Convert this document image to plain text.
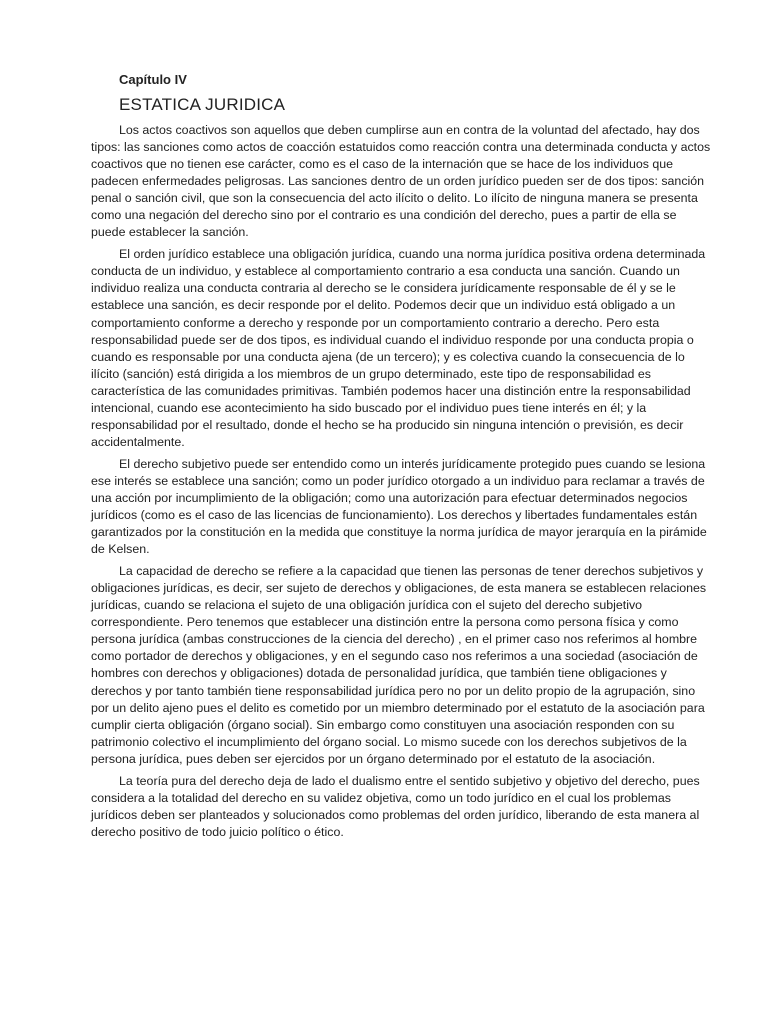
Capítulo IV
ESTATICA JURIDICA

Los actos coactivos son aquellos que deben cumplirse aun en contra de la voluntad del afectado, hay dos tipos: las sanciones como actos de coacción estatuidos como reacción contra una determinada conducta y actos coactivos que no tienen ese carácter, como es el caso de la internación que se hace de los individuos que padecen enfermedades peligrosas. Las sanciones dentro de un orden jurídico pueden ser de dos tipos: sanción penal o sanción civil, que son la consecuencia del acto ilícito o delito. Lo ilícito de ninguna manera se presenta como una negación del derecho sino por el contrario es una condición del derecho, pues a partir de ella se puede establecer la sanción.

El orden jurídico establece una obligación jurídica, cuando una norma jurídica positiva ordena determinada conducta de un individuo, y establece al comportamiento contrario a esa conducta una sanción. Cuando un individuo realiza una conducta contraria al derecho se le considera jurídicamente responsable de él y se le establece una sanción, es decir responde por el delito. Podemos decir que un individuo está obligado a un comportamiento conforme a derecho y responde por un comportamiento contrario a derecho. Pero esta responsabilidad puede ser de dos tipos, es individual cuando el individuo responde por una conducta propia o cuando es responsable por una conducta ajena (de un tercero); y es colectiva cuando la consecuencia de lo ilícito (sanción) está dirigida a los miembros de un grupo determinado, este tipo de responsabilidad es característica de las comunidades primitivas. También podemos hacer una distinción entre la responsabilidad intencional, cuando ese acontecimiento ha sido buscado por el individuo pues tiene interés en él; y la responsabilidad por el resultado, donde el hecho se ha producido sin ninguna intención o previsión, es decir accidentalmente.

El derecho subjetivo puede ser entendido como un interés jurídicamente protegido pues cuando se lesiona ese interés se establece una sanción; como un poder jurídico otorgado a un individuo para reclamar a través de una acción por incumplimiento de la obligación; como una autorización para efectuar determinados negocios jurídicos (como es el caso de las licencias de funcionamiento). Los derechos y libertades fundamentales están garantizados por la constitución en la medida que constituye la norma jurídica de mayor jerarquía en la pirámide de Kelsen.

La capacidad de derecho se refiere a la capacidad que tienen las personas de tener derechos subjetivos y obligaciones jurídicas, es decir, ser sujeto de derechos y obligaciones, de esta manera se establecen relaciones jurídicas, cuando se relaciona el sujeto de una obligación jurídica con el sujeto del derecho subjetivo correspondiente. Pero tenemos que establecer una distinción entre la persona como persona física y como persona jurídica (ambas construcciones de la ciencia del derecho) , en el primer caso nos referimos al hombre como portador de derechos y obligaciones, y en el segundo caso nos referimos a una sociedad (asociación de hombres con derechos y obligaciones) dotada de personalidad jurídica, que también tiene obligaciones y derechos y por tanto también tiene responsabilidad jurídica pero no por un delito propio de la agrupación, sino por un delito ajeno pues el delito es cometido por un miembro determinado por el estatuto de la asociación para cumplir cierta obligación (órgano social). Sin embargo como constituyen una asociación responden con su patrimonio colectivo el incumplimiento del órgano social. Lo mismo sucede con los derechos subjetivos de la persona jurídica, pues deben ser ejercidos por un órgano determinado por el estatuto de la asociación.

La teoría pura del derecho deja de lado el dualismo entre el sentido subjetivo y objetivo del derecho, pues considera a la totalidad del derecho en su validez objetiva, como un todo jurídico en el cual los problemas jurídicos deben ser planteados y solucionados como problemas del orden jurídico, liberando de esta manera al derecho positivo de todo juicio político o ético.
